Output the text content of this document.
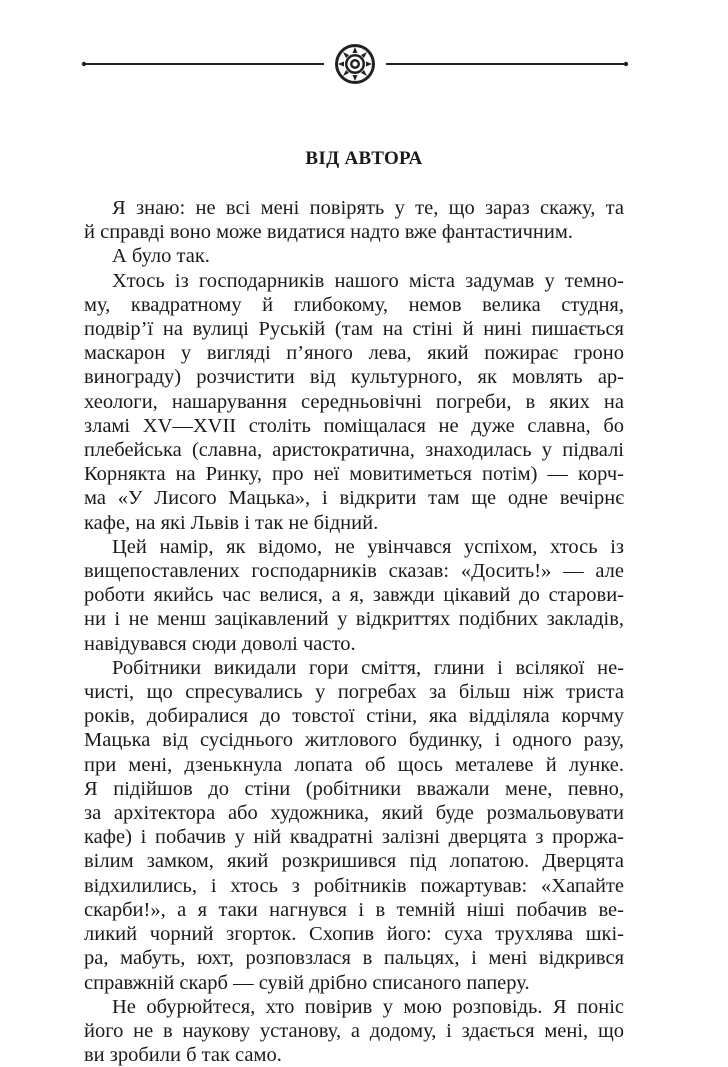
ВІД АВТОРА
Я знаю: не всі мені повірять у те, що зараз скажу, та
й справді воно може видатися надто вже фантастичним.
А було так.
Хтось із господарників нашого міста задумав у темно-
му, квадратному й глибокому, немов велика студня,
подвір’ї на вулиці Руській (там на стіні й нині пишається
маскарон у вигляді п’яного лева, який пожирає гроно
винограду) розчистити від культурного, як мовлять ар-
хеологи, нашарування середньовічні погреби, в яких на
зламі XV—XVII століть поміщалася не дуже славна, бо
плебейська (славна, аристократична, знаходилась у підвалі
Корнякта на Ринку, про неї мовитиметься потім) — корч-
ма «У Лисого Мацька», і відкрити там ще одне вечірнє
кафе, на які Львів і так не бідний.
Цей намір, як відомо, не увінчався успіхом, хтось із
вищепоставлених господарників сказав: «Досить!» — але
роботи якийсь час велися, а я, завжди цікавий до старови-
ни і не менш зацікавлений у відкриттях подібних закладів,
навідувався сюди доволі часто.
Робітники викидали гори сміття, глини і всілякої не-
чисті, що спресувались у погребах за більш ніж триста
років, добиралися до товстої стіни, яка відділяла корчму
Мацька від сусіднього житлового будинку, і одного разу,
при мені, дзенькнула лопата об щось металеве й лунке.
Я підійшов до стіни (робітники вважали мене, певно,
за архітектора або художника, який буде розмальовувати
кафе) і побачив у ній квадратні залізні дверцята з проржа-
вілим замком, який розкришився під лопатою. Дверцята
відхилились, і хтось з робітників пожартував: «Хапайте
скарби!», а я таки нагнувся і в темній ніші побачив ве-
ликий чорний згорток. Схопив його: суха трухлява шкі-
ра, мабуть, юхт, розповзлася в пальцях, і мені відкрився
справжній скарб — сувій дрібно списаного паперу.
Не обурюйтеся, хто повірив у мою розповідь. Я поніс
його не в наукову установу, а додому, і здається мені, що
ви зробили б так само.
